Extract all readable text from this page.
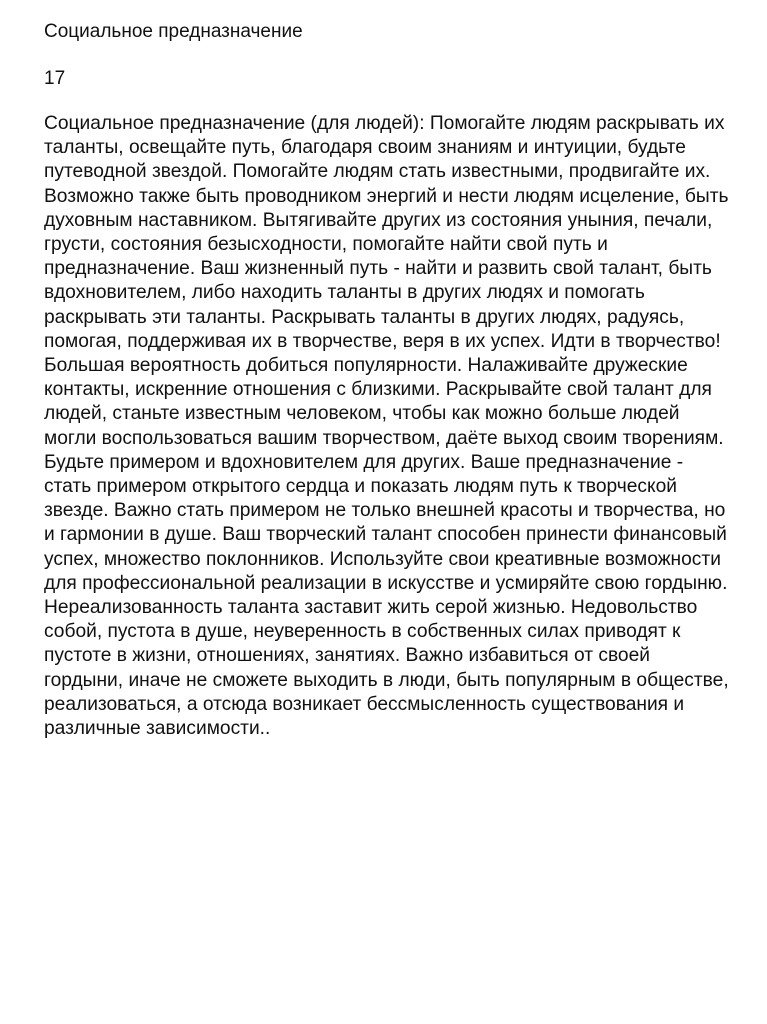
Социальное предназначение

17

Социальное предназначение (для людей): Помогайте людям раскрывать их таланты, освещайте путь, благодаря своим знаниям и интуиции, будьте путеводной звездой. Помогайте людям стать известными, продвигайте их. Возможно также быть проводником энергий и нести людям исцеление, быть духовным наставником. Вытягивайте других из состояния уныния, печали, грусти, состояния безысходности, помогайте найти свой путь и предназначение. Ваш жизненный путь - найти и развить свой талант, быть вдохновителем, либо находить таланты в других людях и помогать раскрывать эти таланты. Раскрывать таланты в других людях, радуясь, помогая, поддерживая их в творчестве, веря в их успех. Идти в творчество! Большая вероятность добиться популярности. Налаживайте дружеские контакты, искренние отношения с близкими. Раскрывайте свой талант для людей, станьте известным человеком, чтобы как можно больше людей могли воспользоваться вашим творчеством, даёте выход своим творениям. Будьте примером и вдохновителем для других. Ваше предназначение - стать примером открытого сердца и показать людям путь к творческой звезде. Важно стать примером не только внешней красоты и творчества, но и гармонии в душе. Ваш творческий талант способен принести финансовый успех, множество поклонников. Используйте свои креативные возможности для профессиональной реализации в искусстве и усмиряйте свою гордыню. Нереализованность таланта заставит жить серой жизнью. Недовольство собой, пустота в душе, неуверенность в собственных силах приводят к пустоте в жизни, отношениях, занятиях. Важно избавиться от своей гордыни, иначе не сможете выходить в люди, быть популярным в обществе, реализоваться, а отсюда возникает бессмысленность существования и различные зависимости..
